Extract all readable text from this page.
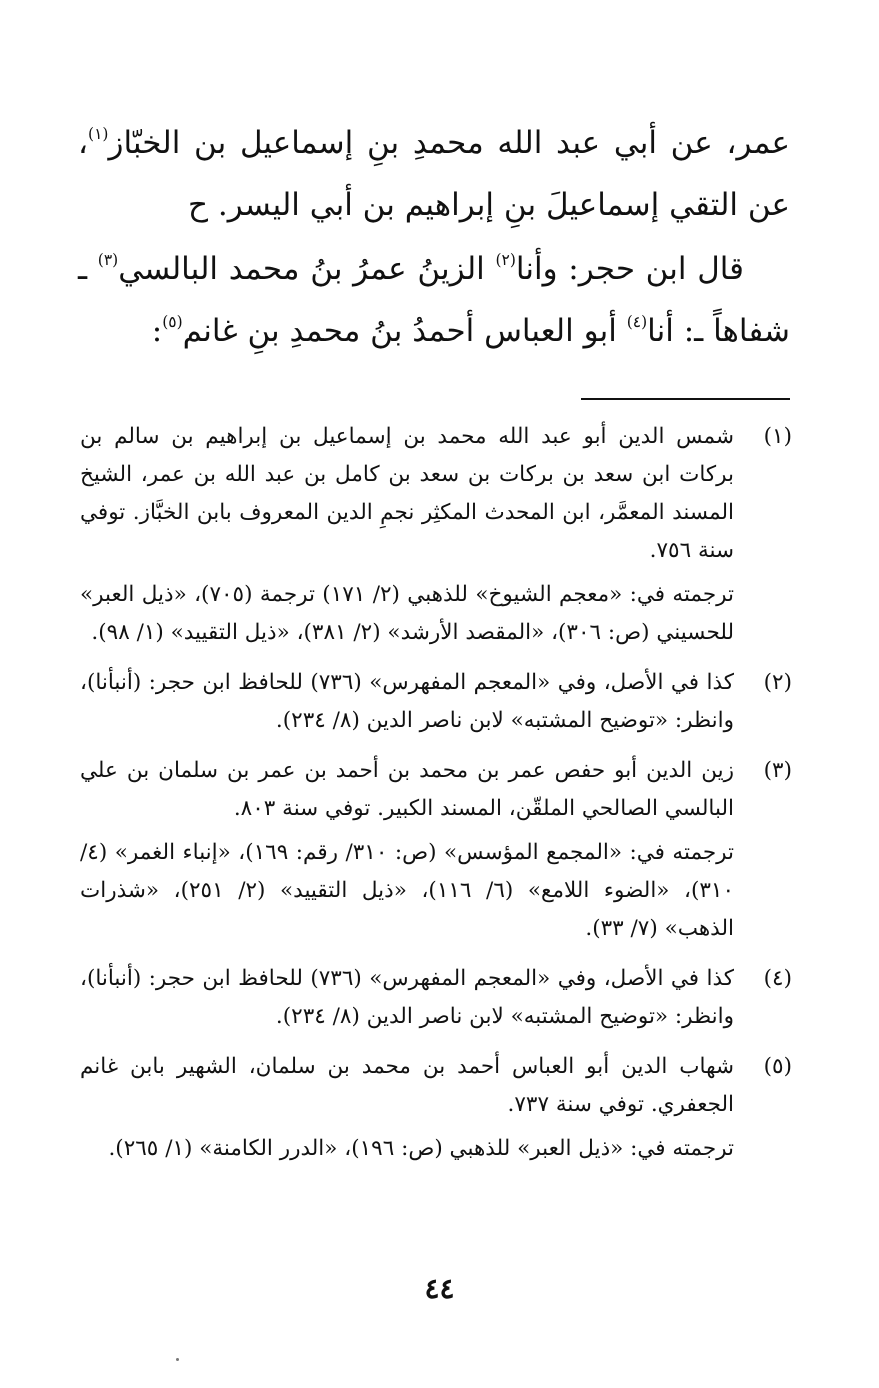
عمر، عن أبي عبد الله محمدِ بنِ إسماعيل بن الخبّاز$^{(١)}$، عن التقي إسماعيلَ بنِ إبراهيم بن أبي اليسر. ح

قال ابن حجر: وأنا$^{(٢)}$ الزينُ عمرُ بنُ محمد البالسي$^{(٣)}$ ـ شفاهاً ـ: أنا$^{(٤)}$ أبو العباس أحمدُ بنُ محمدِ بنِ غانم$^{(٥)}$:

(١)

شمس الدين أبو عبد الله محمد بن إسماعيل بن إبراهيم بن سالم بن بركات ابن سعد بن بركات بن سعد بن كامل بن عبد الله بن عمر، الشيخ المسند المعمَّر، ابن المحدث المكثِر نجمِ الدين المعروف بابن الخبَّاز. توفي سنة ٧٥٦.

ترجمته في: «معجم الشيوخ» للذهبي (٢/ ١٧١) ترجمة (٧٠٥)، «ذيل العبر» للحسيني (ص: ٣٠٦)، «المقصد الأرشد» (٢/ ٣٨١)، «ذيل التقييد» (١/ ٩٨).

(٢)

كذا في الأصل، وفي «المعجم المفهرس» (٧٣٦) للحافظ ابن حجر: (أنبأنا)، وانظر: «توضيح المشتبه» لابن ناصر الدين (٨/ ٢٣٤).

(٣)

زين الدين أبو حفص عمر بن محمد بن أحمد بن عمر بن سلمان بن علي البالسي الصالحي الملقّن، المسند الكبير. توفي سنة ٨٠٣.

ترجمته في: «المجمع المؤسس» (ص: ٣١٠/ رقم: ١٦٩)، «إنباء الغمر» (٤/ ٣١٠)، «الضوء اللامع» (٦/ ١١٦)، «ذيل التقييد» (٢/ ٢٥١)، «شذرات الذهب» (٧/ ٣٣).

(٤)

كذا في الأصل، وفي «المعجم المفهرس» (٧٣٦) للحافظ ابن حجر: (أنبأنا)، وانظر: «توضيح المشتبه» لابن ناصر الدين (٨/ ٢٣٤).

(٥)

شهاب الدين أبو العباس أحمد بن محمد بن سلمان، الشهير بابن غانم الجعفري. توفي سنة ٧٣٧.

ترجمته في: «ذيل العبر» للذهبي (ص: ١٩٦)، «الدرر الكامنة» (١/ ٢٦٥).

٤٤
